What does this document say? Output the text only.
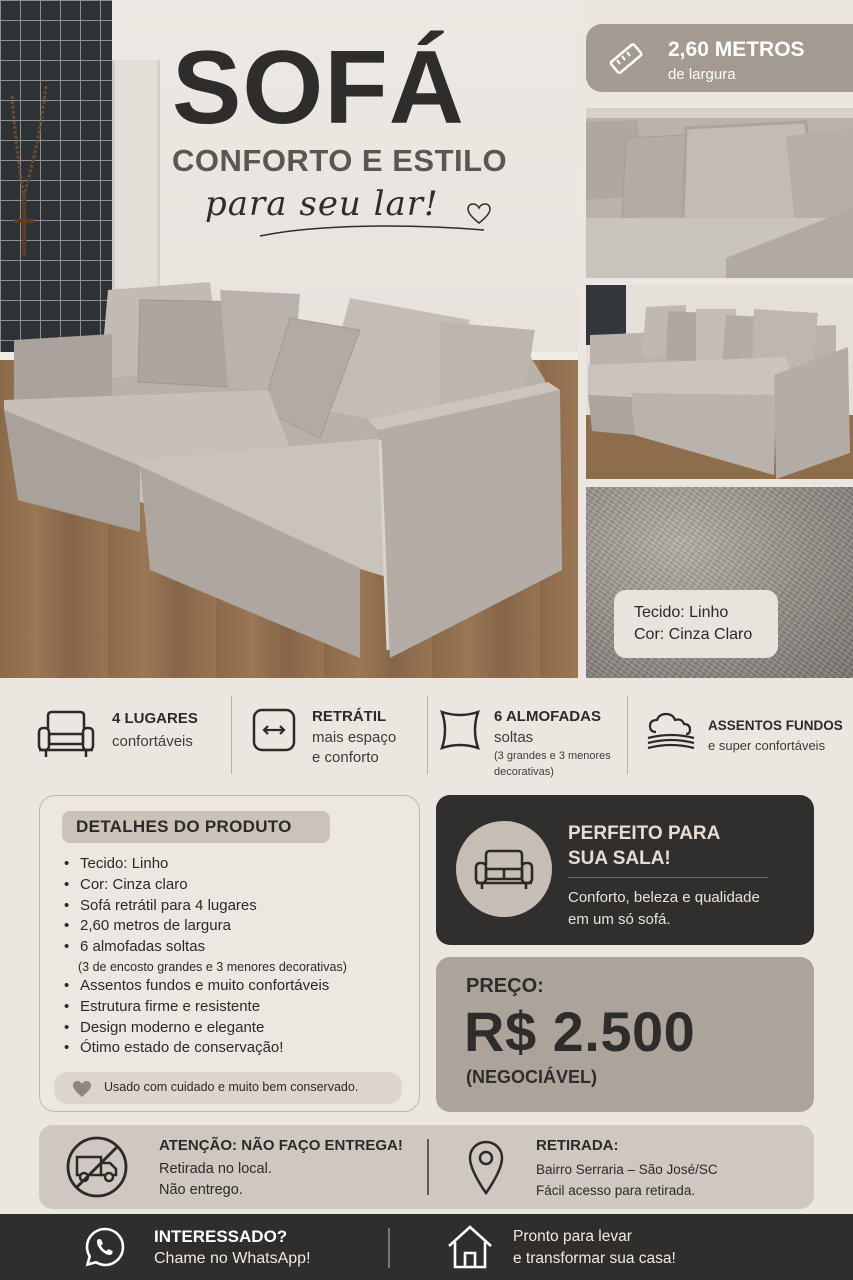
SOFÁ
CONFORTO E ESTILO
para seu lar!
2,60 METROS
de largura
Tecido: Linho
Cor: Cinza Claro
4 LUGARES
confortáveis
RETRÁTIL
mais espaço
e conforto
6 ALMOFADAS
soltas
(3 grandes e 3 menores
decorativas)
ASSENTOS FUNDOS
e super confortáveis
DETALHES DO PRODUTO
• Tecido: Linho
• Cor: Cinza claro
• Sofá retrátil para 4 lugares
• 2,60 metros de largura
• 6 almofadas soltas
(3 de encosto grandes e 3 menores decorativas)
• Assentos fundos e muito confortáveis
• Estrutura firme e resistente
• Design moderno e elegante
• Ótimo estado de conservação!
Usado com cuidado e muito bem conservado.
PERFEITO PARA
SUA SALA!
Conforto, beleza e qualidade
em um só sofá.
PREÇO:
R$ 2.500
(NEGOCIÁVEL)
ATENÇÃO: NÃO FAÇO ENTREGA!
Retirada no local.
Não entrego.
RETIRADA:
Bairro Serraria – São José/SC
Fácil acesso para retirada.
INTERESSADO?
Chame no WhatsApp!
Pronto para levar
e transformar sua casa!
